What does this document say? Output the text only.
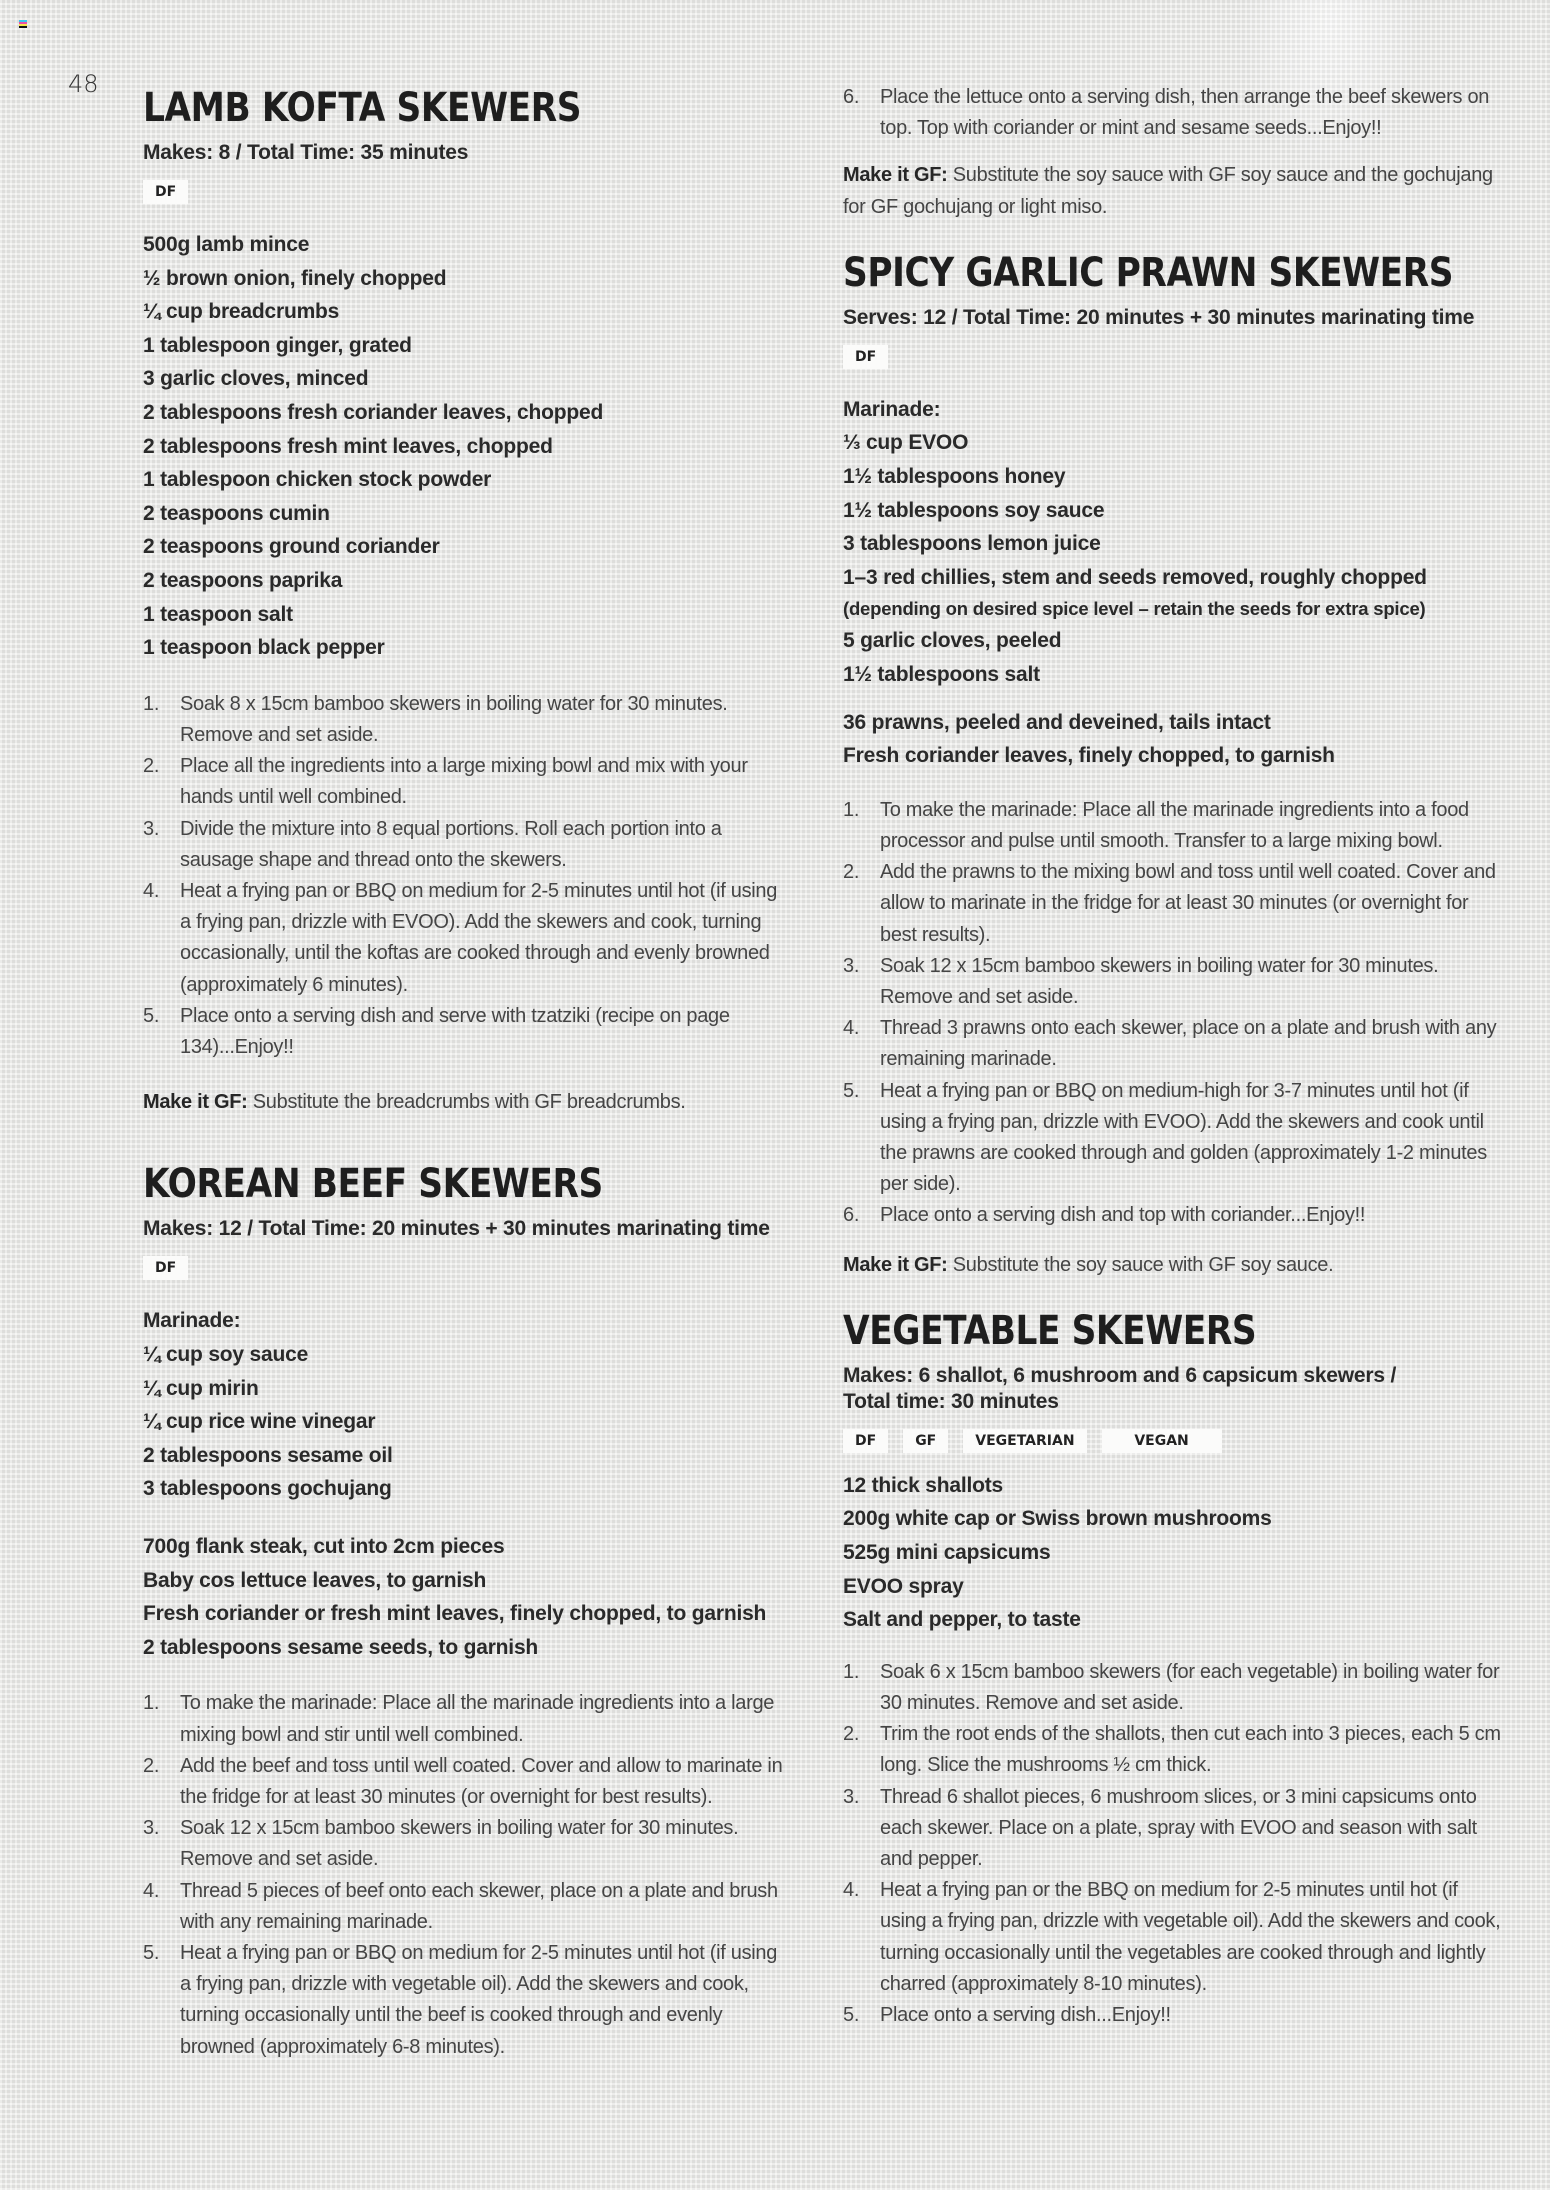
48
LAMB KOFTA SKEWERS

Makes: 8 / Total Time: 35 minutes

DF
500g lamb mince
½ brown onion, finely chopped
¼ cup breadcrumbs
1 tablespoon ginger, grated
3 garlic cloves, minced
2 tablespoons fresh coriander leaves, chopped
2 tablespoons fresh mint leaves, chopped
1 tablespoon chicken stock powder
2 teaspoons cumin
2 teaspoons ground coriander
2 teaspoons paprika
1 teaspoon salt
1 teaspoon black pepper
1. Soak 8 x 15cm bamboo skewers in boiling water for 30 minutes. Remove and set aside.
2. Place all the ingredients into a large mixing bowl and mix with your hands until well combined.
3. Divide the mixture into 8 equal portions. Roll each portion into a sausage shape and thread onto the skewers.
4. Heat a frying pan or BBQ on medium for 2-5 minutes until hot (if using a frying pan, drizzle with EVOO). Add the skewers and cook, turning occasionally, until the koftas are cooked through and evenly browned (approximately 6 minutes).
5. Place onto a serving dish and serve with tzatziki (recipe on page 134)...Enjoy!!

Make it GF: Substitute the breadcrumbs with GF breadcrumbs.

KOREAN BEEF SKEWERS

Makes: 12 / Total Time: 20 minutes + 30 minutes marinating time

DF
Marinade:
¼ cup soy sauce
¼ cup mirin
¼ cup rice wine vinegar
2 tablespoons sesame oil
3 tablespoons gochujang
700g flank steak, cut into 2cm pieces
Baby cos lettuce leaves, to garnish
Fresh coriander or fresh mint leaves, finely chopped, to garnish
2 tablespoons sesame seeds, to garnish
1. To make the marinade: Place all the marinade ingredients into a large mixing bowl and stir until well combined.
2. Add the beef and toss until well coated. Cover and allow to marinate in the fridge for at least 30 minutes (or overnight for best results).
3. Soak 12 x 15cm bamboo skewers in boiling water for 30 minutes. Remove and set aside.
4. Thread 5 pieces of beef onto each skewer, place on a plate and brush with any remaining marinade.
5. Heat a frying pan or BBQ on medium for 2-5 minutes until hot (if using a frying pan, drizzle with vegetable oil). Add the skewers and cook, turning occasionally until the beef is cooked through and evenly browned (approximately 6-8 minutes).
6. Place the lettuce onto a serving dish, then arrange the beef skewers on top. Top with coriander or mint and sesame seeds...Enjoy!!

Make it GF: Substitute the soy sauce with GF soy sauce and the gochujang for GF gochujang or light miso.

SPICY GARLIC PRAWN SKEWERS

Serves: 12 / Total Time: 20 minutes + 30 minutes marinating time

DF
Marinade:
⅓ cup EVOO
1½ tablespoons honey
1½ tablespoons soy sauce
3 tablespoons lemon juice
1–3 red chillies, stem and seeds removed, roughly chopped
(depending on desired spice level – retain the seeds for extra spice)
5 garlic cloves, peeled
1½ tablespoons salt
36 prawns, peeled and deveined, tails intact
Fresh coriander leaves, finely chopped, to garnish
1. To make the marinade: Place all the marinade ingredients into a food processor and pulse until smooth. Transfer to a large mixing bowl.
2. Add the prawns to the mixing bowl and toss until well coated. Cover and allow to marinate in the fridge for at least 30 minutes (or overnight for best results).
3. Soak 12 x 15cm bamboo skewers in boiling water for 30 minutes. Remove and set aside.
4. Thread 3 prawns onto each skewer, place on a plate and brush with any remaining marinade.
5. Heat a frying pan or BBQ on medium-high for 3-7 minutes until hot (if using a frying pan, drizzle with EVOO). Add the skewers and cook until the prawns are cooked through and golden (approximately 1-2 minutes per side).
6. Place onto a serving dish and top with coriander...Enjoy!!

Make it GF: Substitute the soy sauce with GF soy sauce.

VEGETABLE SKEWERS

Makes: 6 shallot, 6 mushroom and 6 capsicum skewers /
Total time: 30 minutes

DF	GF	VEGETARIAN	VEGAN
12 thick shallots
200g white cap or Swiss brown mushrooms
525g mini capsicums
EVOO spray
Salt and pepper, to taste
1. Soak 6 x 15cm bamboo skewers (for each vegetable) in boiling water for 30 minutes. Remove and set aside.
2. Trim the root ends of the shallots, then cut each into 3 pieces, each 5 cm long. Slice the mushrooms ½ cm thick.
3. Thread 6 shallot pieces, 6 mushroom slices, or 3 mini capsicums onto each skewer. Place on a plate, spray with EVOO and season with salt and pepper.
4. Heat a frying pan or the BBQ on medium for 2-5 minutes until hot (if using a frying pan, drizzle with vegetable oil). Add the skewers and cook, turning occasionally until the vegetables are cooked through and lightly charred (approximately 8-10 minutes).
5. Place onto a serving dish...Enjoy!!
